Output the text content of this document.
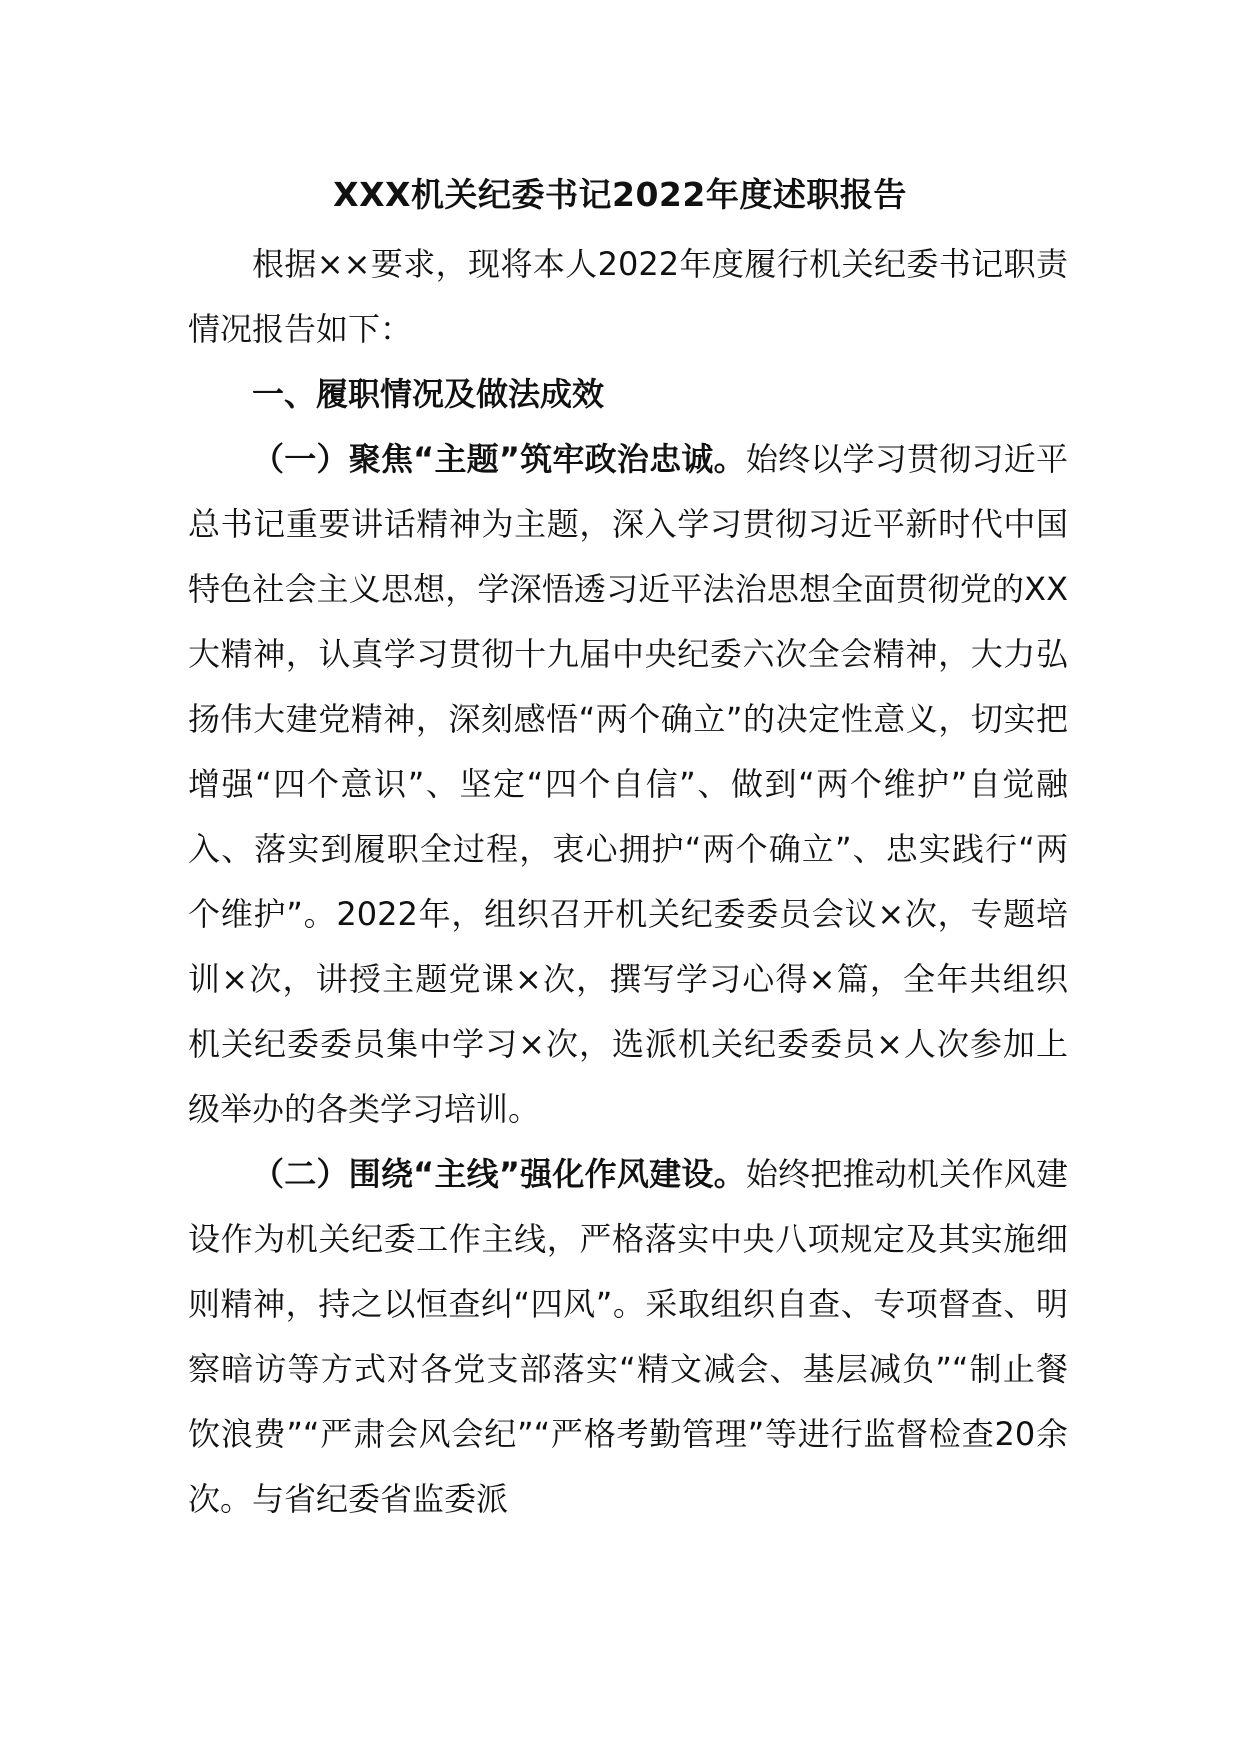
XXX机关纪委书记2022年度述职报告

根据××要求，现将本人2022年度履行机关纪委书记职责情况报告如下：

一、履职情况及做法成效

（一）聚焦“主题”筑牢政治忠诚。始终以学习贯彻习近平总书记重要讲话精神为主题，深入学习贯彻习近平新时代中国特色社会主义思想，学深悟透习近平法治思想全面贯彻党的XX大精神，认真学习贯彻十九届中央纪委六次全会精神，大力弘扬伟大建党精神，深刻感悟“两个确立”的决定性意义，切实把增强“四个意识”、坚定“四个自信”、做到“两个维护”自觉融入、落实到履职全过程，衷心拥护“两个确立”、忠实践行“两个维护”。2022年，组织召开机关纪委委员会议×次，专题培训×次，讲授主题党课×次，撰写学习心得×篇，全年共组织机关纪委委员集中学习×次，选派机关纪委委员×人次参加上级举办的各类学习培训。

（二）围绕“主线”强化作风建设。始终把推动机关作风建设作为机关纪委工作主线，严格落实中央八项规定及其实施细则精神，持之以恒查纠“四风”。采取组织自查、专项督查、明察暗访等方式对各党支部落实“精文减会、基层减负”“制止餐饮浪费”“严肃会风会纪”“严格考勤管理”等进行监督检查20余次。与省纪委省监委派
